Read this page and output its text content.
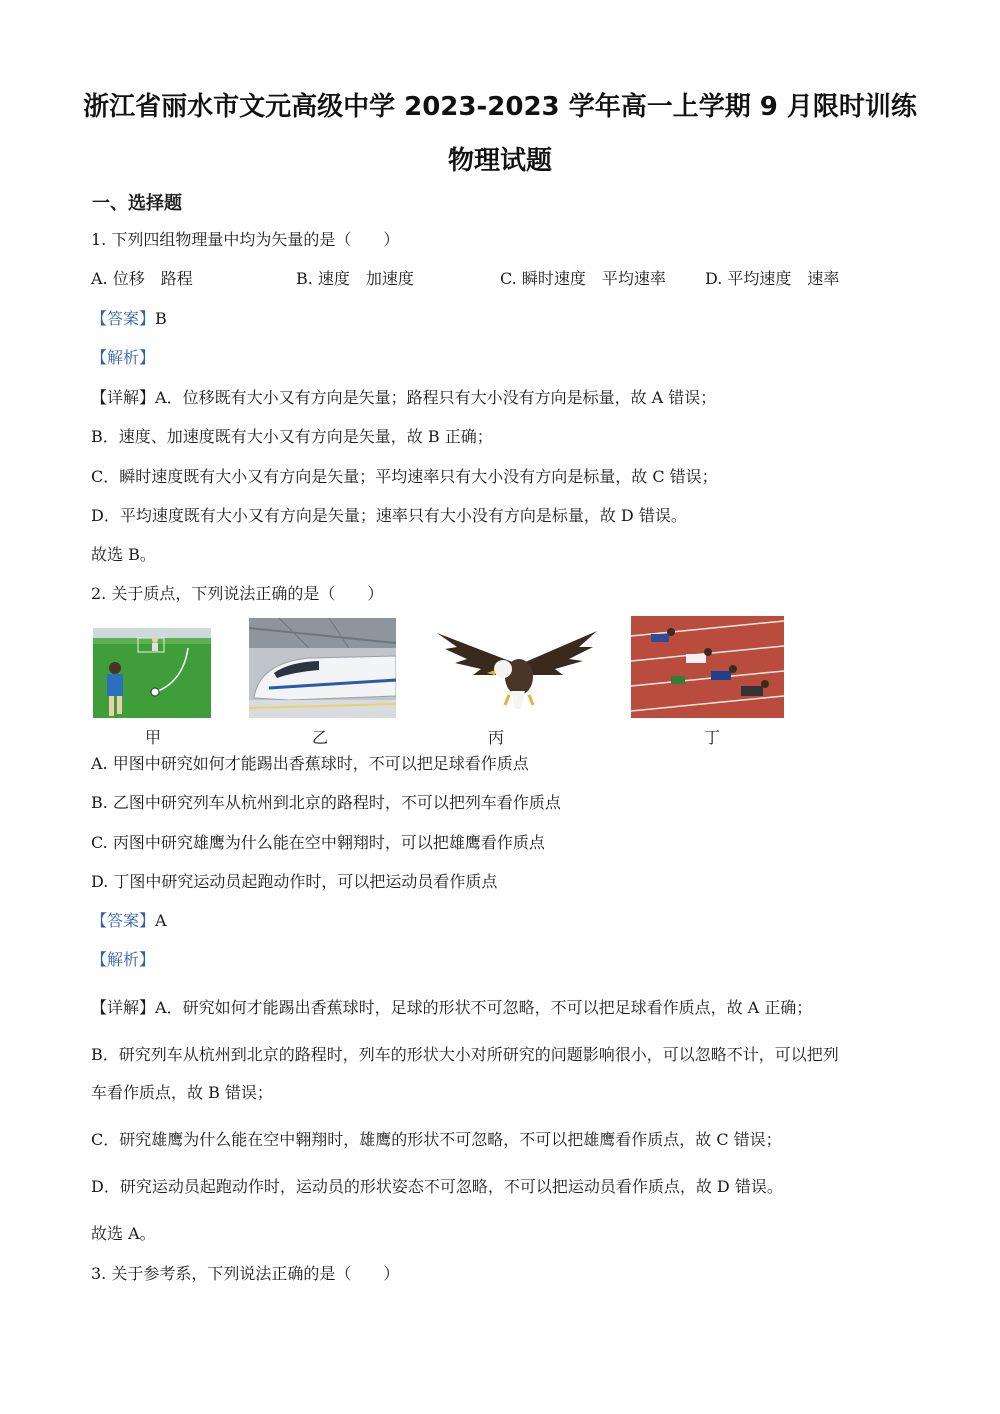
浙江省丽水市文元高级中学 2023-2023 学年高一上学期 9 月限时训练
物理试题
一、选择题
1. 下列四组物理量中均为矢量的是（　　）
A. 位移　路程	B. 速度　加速度	C. 瞬时速度　平均速率 D. 平均速度　速率
【答案】B
【解析】
【详解】A．位移既有大小又有方向是矢量；路程只有大小没有方向是标量，故 A 错误；
B．速度、加速度既有大小又有方向是矢量，故 B 正确；
C．瞬时速度既有大小又有方向是矢量；平均速率只有大小没有方向是标量，故 C 错误；
D．平均速度既有大小又有方向是矢量；速率只有大小没有方向是标量，故 D 错误。
故选 B。
2. 关于质点，下列说法正确的是（　　）
甲	乙	丙	丁
A. 甲图中研究如何才能踢出香蕉球时，不可以把足球看作质点
B. 乙图中研究列车从杭州到北京的路程时，不可以把列车看作质点
C. 丙图中研究雄鹰为什么能在空中翱翔时，可以把雄鹰看作质点
D. 丁图中研究运动员起跑动作时，可以把运动员看作质点
【答案】A
【解析】
【详解】A．研究如何才能踢出香蕉球时，足球的形状不可忽略，不可以把足球看作质点，故 A 正确；
B．研究列车从杭州到北京的路程时，列车的形状大小对所研究的问题影响很小，可以忽略不计，可以把列
车看作质点，故 B 错误；
C．研究雄鹰为什么能在空中翱翔时，雄鹰的形状不可忽略，不可以把雄鹰看作质点，故 C 错误；
D．研究运动员起跑动作时，运动员的形状姿态不可忽略，不可以把运动员看作质点，故 D 错误。
故选 A。
3. 关于参考系，下列说法正确的是（　　）
